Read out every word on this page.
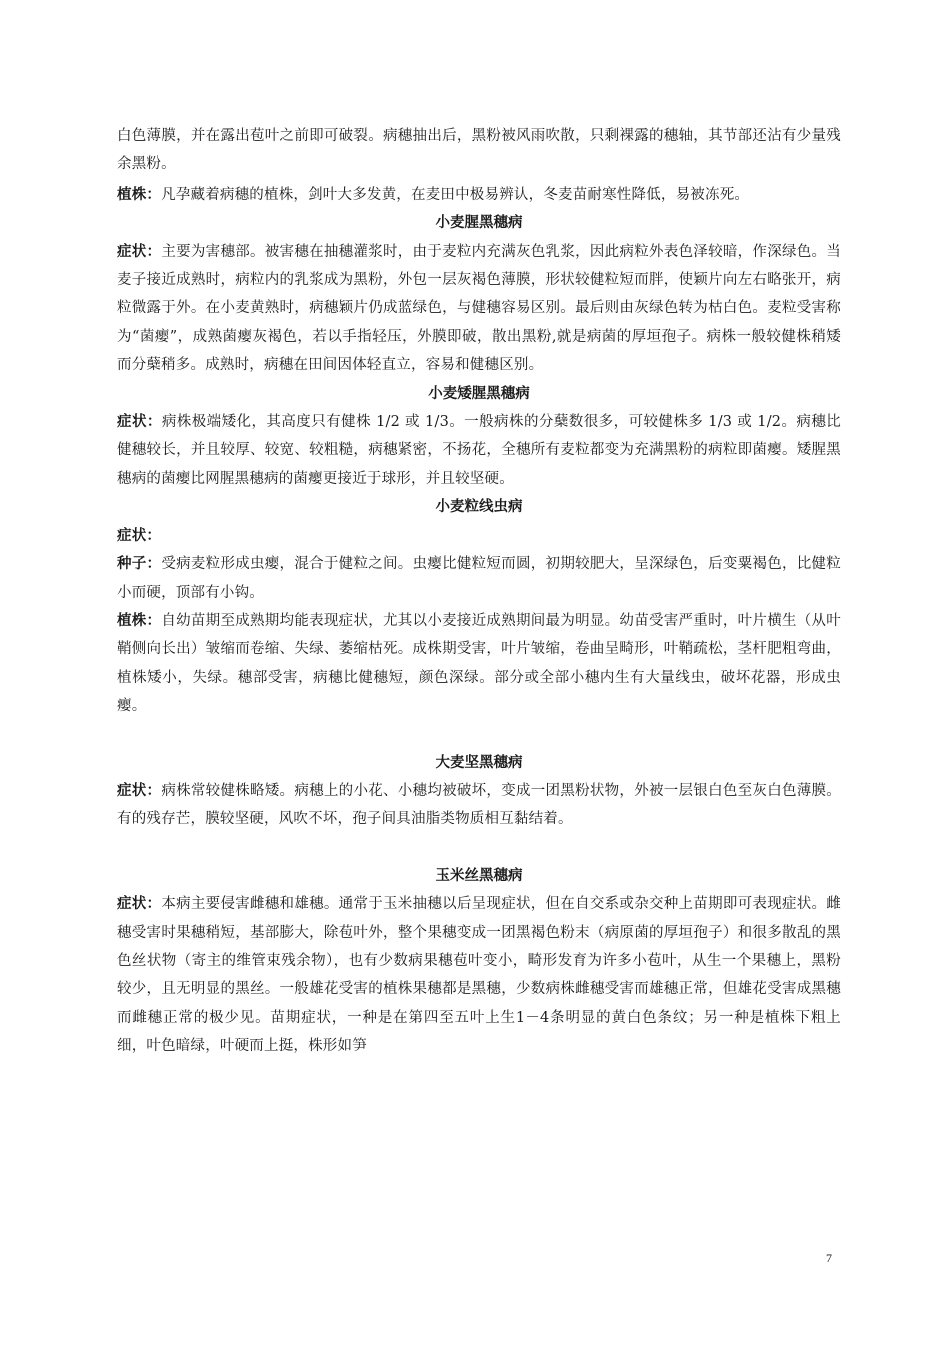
白色薄膜，并在露出苞叶之前即可破裂。病穗抽出后，黑粉被风雨吹散，只剩裸露的穗轴，其节部还沾有少量残余黑粉。

植株：凡孕藏着病穗的植株，剑叶大多发黄，在麦田中极易辨认，冬麦苗耐寒性降低，易被冻死。

小麦腥黑穗病

症状：主要为害穗部。被害穗在抽穗灌浆时，由于麦粒内充满灰色乳浆，因此病粒外表色泽较暗，作深绿色。当麦子接近成熟时，病粒内的乳浆成为黑粉，外包一层灰褐色薄膜，形状较健粒短而胖，使颖片向左右略张开，病粒微露于外。在小麦黄熟时，病穗颖片仍成蓝绿色，与健穗容易区别。最后则由灰绿色转为枯白色。麦粒受害称为“菌瘿”，成熟菌瘿灰褐色，若以手指轻压，外膜即破，散出黑粉,就是病菌的厚垣孢子。病株一般较健株稍矮而分蘖稍多。成熟时，病穗在田间因体轻直立，容易和健穗区别。

小麦矮腥黑穗病

症状：病株极端矮化，其高度只有健株 1/2 或 1/3。一般病株的分蘖数很多，可较健株多 1/3 或 1/2。病穗比健穗较长，并且较厚、较宽、较粗糙，病穗紧密，不扬花，全穗所有麦粒都变为充满黑粉的病粒即菌瘿。矮腥黑穗病的菌瘿比网腥黑穗病的菌瘿更接近于球形，并且较坚硬。

小麦粒线虫病

症状：

种子：受病麦粒形成虫瘿，混合于健粒之间。虫瘿比健粒短而圆，初期较肥大，呈深绿色，后变粟褐色，比健粒小而硬，顶部有小钩。

植株：自幼苗期至成熟期均能表现症状，尤其以小麦接近成熟期间最为明显。幼苗受害严重时，叶片横生（从叶鞘侧向长出）皱缩而卷缩、失绿、萎缩枯死。成株期受害，叶片皱缩，卷曲呈畸形，叶鞘疏松，茎杆肥粗弯曲，植株矮小，失绿。穗部受害，病穗比健穗短，颜色深绿。部分或全部小穗内生有大量线虫，破坏花器，形成虫瘿。

大麦坚黑穗病

症状：病株常较健株略矮。病穗上的小花、小穗均被破坏，变成一团黑粉状物，外被一层银白色至灰白色薄膜。有的残存芒，膜较坚硬，风吹不坏，孢子间具油脂类物质相互黏结着。

玉米丝黑穗病

症状：本病主要侵害雌穗和雄穗。通常于玉米抽穗以后呈现症状，但在自交系或杂交种上苗期即可表现症状。雌穗受害时果穗稍短，基部膨大，除苞叶外，整个果穗变成一团黑褐色粉末（病原菌的厚垣孢子）和很多散乱的黑色丝状物（寄主的维管束残余物），也有少数病果穗苞叶变小，畸形发育为许多小苞叶，从生一个果穗上，黑粉较少，且无明显的黑丝。一般雄花受害的植株果穗都是黑穗，少数病株雌穗受害而雄穗正常，但雄花受害成黑穗而雌穗正常的极少见。苗期症状，一种是在第四至五叶上生1－4条明显的黄白色条纹；另一种是植株下粗上细，叶色暗绿，叶硬而上挺，株形如笋

7
